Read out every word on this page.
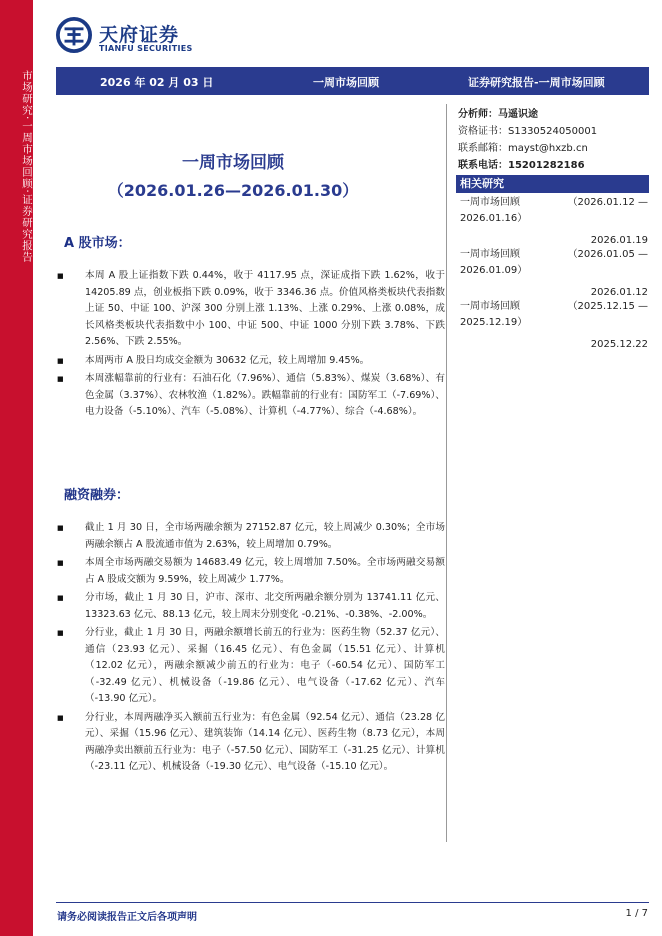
市场研究·一周市场回顾·证券研究报告
天府证券
TIANFU SECURITIES
2026 年 02 月 03 日	一周市场回顾	证券研究报告-一周市场回顾
一周市场回顾
（2026.01.26—2026.01.30）
A 股市场：
■ 本周 A 股上证指数下跌 0.44%，收于 4117.95 点，深证成指下跌 1.62%，收于 14205.89 点，创业板指下跌 0.09%，收于 3346.36 点。价值风格类板块代表指数上证 50、中证 100、沪深 300 分别上涨 1.13%、上涨 0.29%、上涨 0.08%，成长风格类板块代表指数中小 100、中证 500、中证 1000 分别下跌 3.78%、下跌 2.56%、下跌 2.55%。
■ 本周两市 A 股日均成交金额为 30632 亿元，较上周增加 9.45%。
■ 本周涨幅靠前的行业有：石油石化（7.96%）、通信（5.83%）、煤炭（3.68%）、有色金属（3.37%）、农林牧渔（1.82%）。跌幅靠前的行业有：国防军工（-7.69%）、电力设备（-5.10%）、汽车（-5.08%）、计算机（-4.77%）、综合（-4.68%）。
融资融券：
■ 截止 1 月 30 日，全市场两融余额为 27152.87 亿元，较上周减少 0.30%；全市场两融余额占 A 股流通市值为 2.63%，较上周增加 0.79%。
■ 本周全市场两融交易额为 14683.49 亿元，较上周增加 7.50%。全市场两融交易额占 A 股成交额为 9.59%，较上周减少 1.77%。
■ 分市场，截止 1 月 30 日，沪市、深市、北交所两融余额分别为 13741.11 亿元、13323.63 亿元、88.13 亿元，较上周末分别变化 -0.21%、-0.38%、-2.00%。
■ 分行业，截止 1 月 30 日，两融余额增长前五的行业为：医药生物（52.37 亿元）、通信（23.93 亿元）、采掘（16.45 亿元）、有色金属（15.51 亿元）、计算机（12.02 亿元），两融余额减少前五的行业为：电子（-60.54 亿元）、国防军工（-32.49 亿元）、机械设备（-19.86 亿元）、电气设备（-17.62 亿元）、汽车（-13.90 亿元）。
■ 分行业，本周两融净买入额前五行业为：有色金属（92.54 亿元）、通信（23.28 亿元）、采掘（15.96 亿元）、建筑装饰（14.14 亿元）、医药生物（8.73 亿元），本周两融净卖出额前五行业为：电子（-57.50 亿元）、国防军工（-31.25 亿元）、计算机（-23.11 亿元）、机械设备（-19.30 亿元）、电气设备（-15.10 亿元）。
分析师：马遥识途
资格证书：S1330524050001
联系邮箱：mayst@hxzb.cn
联系电话：15201282186
相关研究
一周市场回顾	（2026.01.12 —
2026.01.16）
2026.01.19
一周市场回顾	（2026.01.05 —
2026.01.09）
2026.01.12
一周市场回顾	（2025.12.15 —
2025.12.19）
2025.12.22
请务必阅读报告正文后各项声明	1 / 7
